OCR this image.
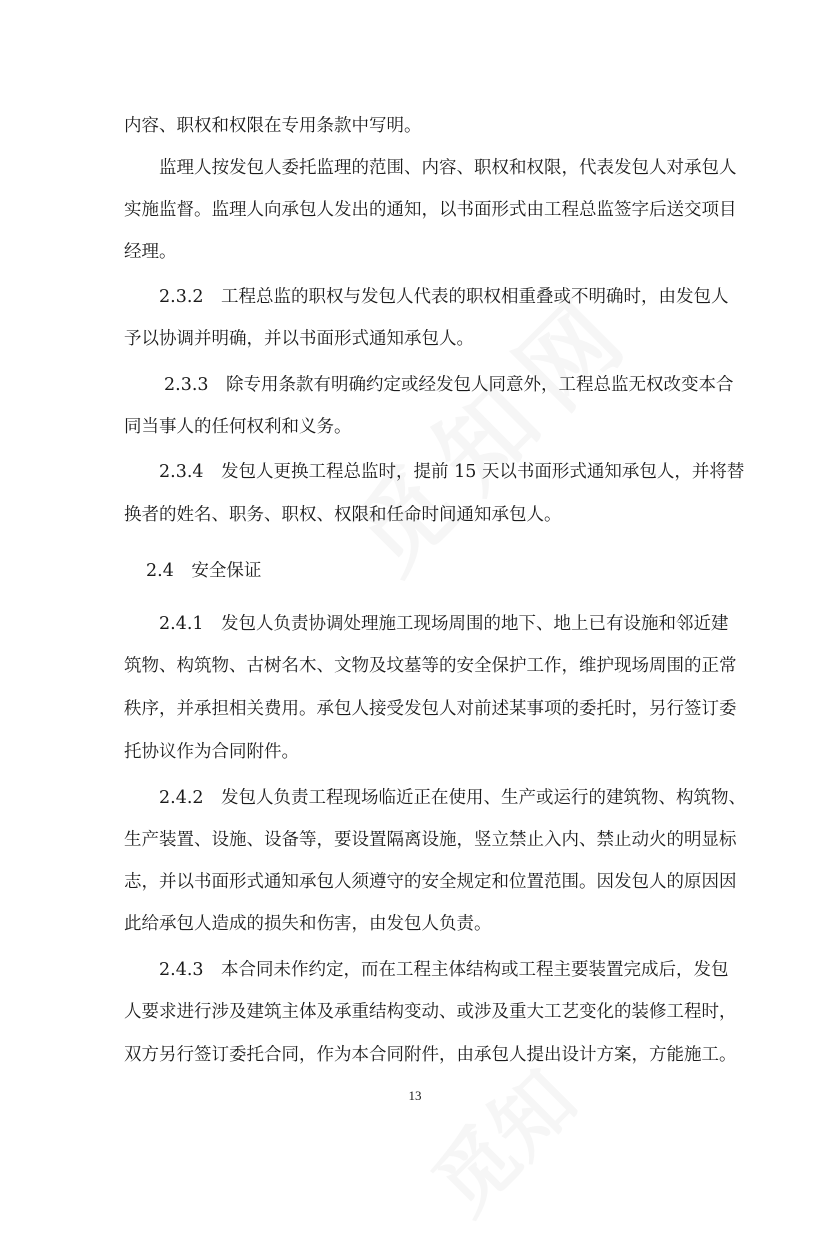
内容、职权和权限在专用条款中写明。
监理人按发包人委托监理的范围、内容、职权和权限，代表发包人对承包人
实施监督。监理人向承包人发出的通知，以书面形式由工程总监签字后送交项目
经理。
2.3.2　工程总监的职权与发包人代表的职权相重叠或不明确时，由发包人
予以协调并明确，并以书面形式通知承包人。
2.3.3　除专用条款有明确约定或经发包人同意外，工程总监无权改变本合
同当事人的任何权利和义务。
2.3.4　发包人更换工程总监时，提前 15 天以书面形式通知承包人，并将替
换者的姓名、职务、职权、权限和任命时间通知承包人。
2.4　安全保证
2.4.1　发包人负责协调处理施工现场周围的地下、地上已有设施和邻近建
筑物、构筑物、古树名木、文物及坟墓等的安全保护工作，维护现场周围的正常
秩序，并承担相关费用。承包人接受发包人对前述某事项的委托时，另行签订委
托协议作为合同附件。
2.4.2　发包人负责工程现场临近正在使用、生产或运行的建筑物、构筑物、
生产装置、设施、设备等，要设置隔离设施，竖立禁止入内、禁止动火的明显标
志，并以书面形式通知承包人须遵守的安全规定和位置范围。因发包人的原因因
此给承包人造成的损失和伤害，由发包人负责。
2.4.3　本合同未作约定，而在工程主体结构或工程主要装置完成后，发包
人要求进行涉及建筑主体及承重结构变动、或涉及重大工艺变化的装修工程时，
双方另行签订委托合同，作为本合同附件，由承包人提出设计方案，方能施工。
13
